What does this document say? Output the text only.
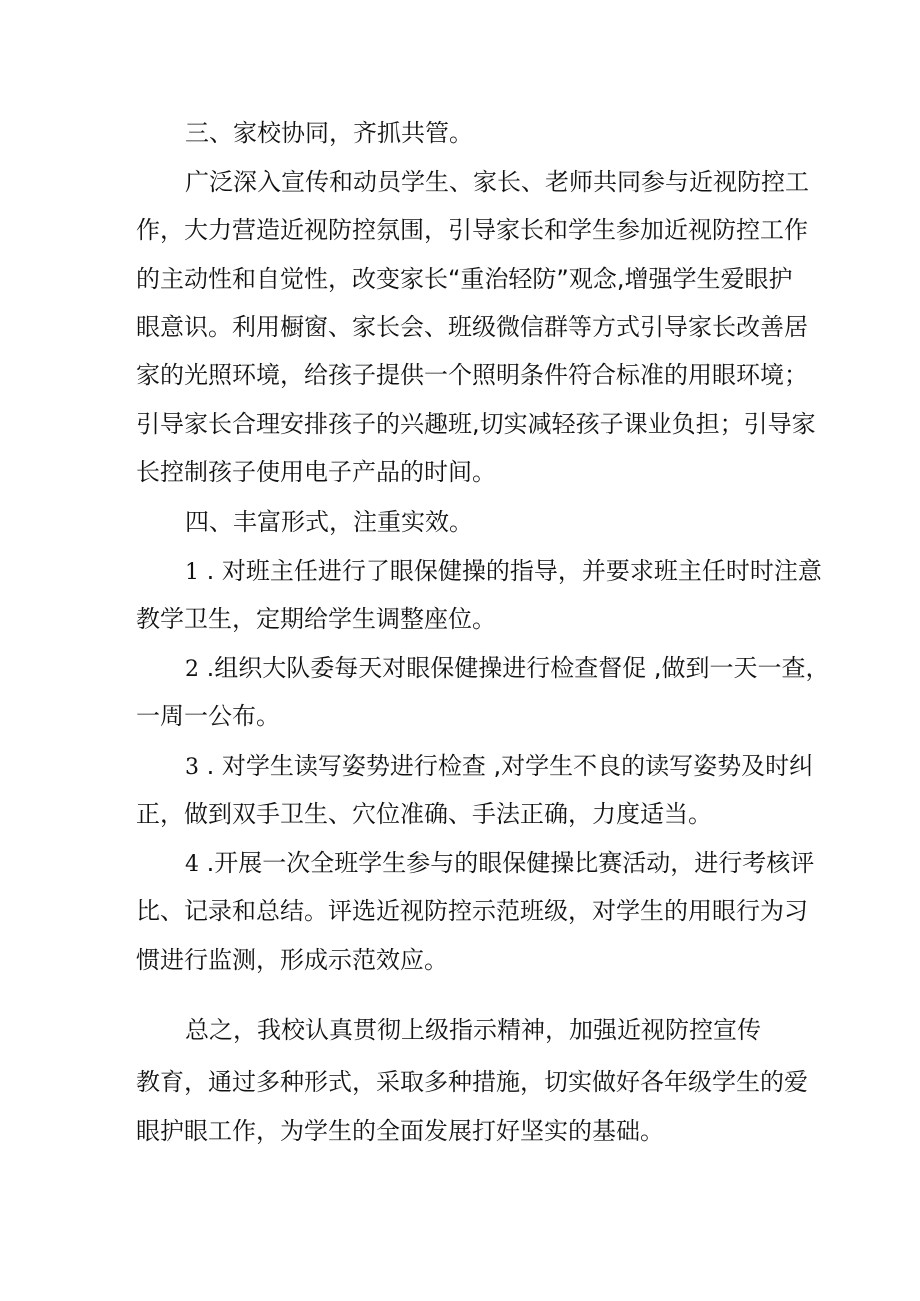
三、家校协同，齐抓共管。
广泛深入宣传和动员学生、家长、老师共同参与近视防控工
作，大力营造近视防控氛围，引导家长和学生参加近视防控工作
的主动性和自觉性，改变家长“重治轻防”观念,增强学生爱眼护
眼意识。利用橱窗、家长会、班级微信群等方式引导家长改善居
家的光照环境，给孩子提供一个照明条件符合标准的用眼环境；
引导家长合理安排孩子的兴趣班,切实减轻孩子课业负担；引导家
长控制孩子使用电子产品的时间。
四、丰富形式，注重实效。
1 . 对班主任进行了眼保健操的指导，并要求班主任时时注意
教学卫生，定期给学生调整座位。
2 .组织大队委每天对眼保健操进行检查督促 ,做到一天一查，
一周一公布。
3 . 对学生读写姿势进行检查 ,对学生不良的读写姿势及时纠
正，做到双手卫生、穴位准确、手法正确，力度适当。
4 .开展一次全班学生参与的眼保健操比赛活动，进行考核评
比、记录和总结。评选近视防控示范班级，对学生的用眼行为习
惯进行监测，形成示范效应。
总之，我校认真贯彻上级指示精神，加强近视防控宣传
教育，通过多种形式，采取多种措施，切实做好各年级学生的爱
眼护眼工作，为学生的全面发展打好坚实的基础。
